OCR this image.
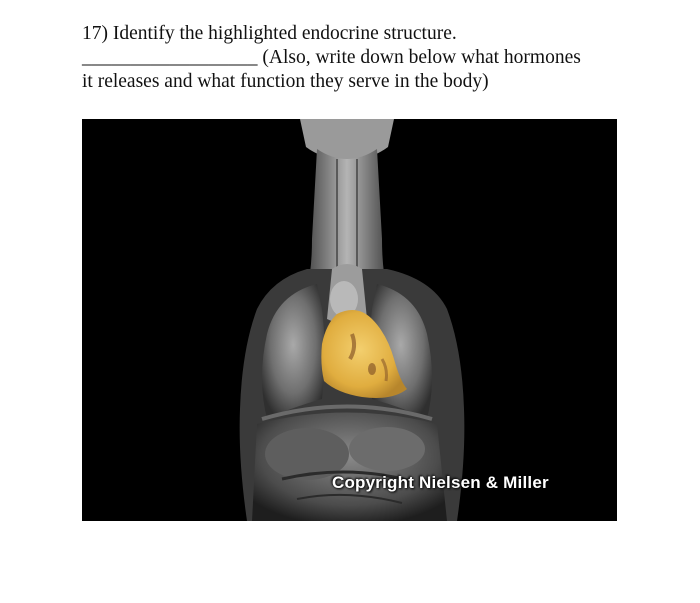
17) Identify the highlighted endocrine structure.
__________________ (Also, write down below what hormones
it releases and what function they serve in the body)
Copyright Nielsen & Miller
